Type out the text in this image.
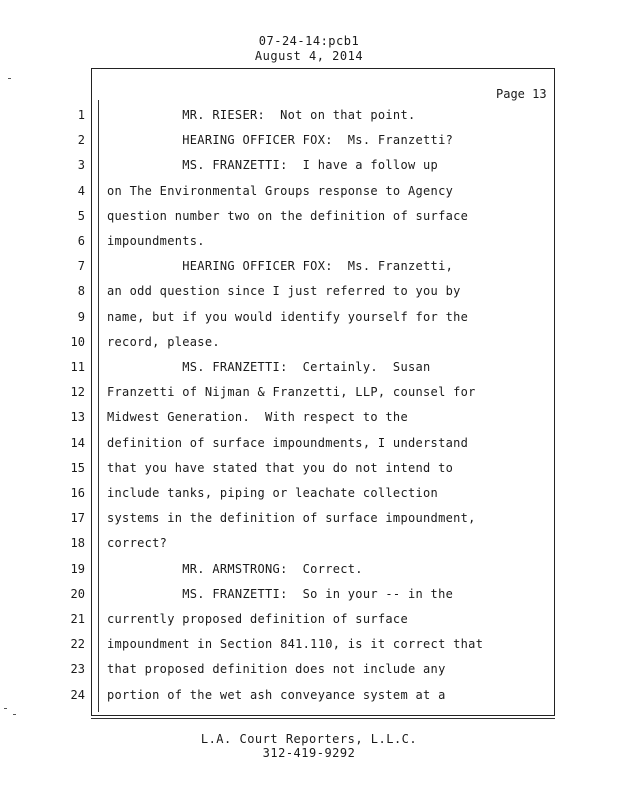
07-24-14:pcb1
August 4, 2014
Page 13
1 MR. RIESER:  Not on that point.
2 HEARING OFFICER FOX:  Ms. Franzetti?
3 MS. FRANZETTI:  I have a follow up
4 on The Environmental Groups response to Agency
5 question number two on the definition of surface
6 impoundments.
7 HEARING OFFICER FOX:  Ms. Franzetti,
8 an odd question since I just referred to you by
9 name, but if you would identify yourself for the
10 record, please.
11 MS. FRANZETTI:  Certainly.  Susan
12 Franzetti of Nijman & Franzetti, LLP, counsel for
13 Midwest Generation.  With respect to the
14 definition of surface impoundments, I understand
15 that you have stated that you do not intend to
16 include tanks, piping or leachate collection
17 systems in the definition of surface impoundment,
18 correct?
19 MR. ARMSTRONG:  Correct.
20 MS. FRANZETTI:  So in your -- in the
21 currently proposed definition of surface
22 impoundment in Section 841.110, is it correct that
23 that proposed definition does not include any
24 portion of the wet ash conveyance system at a
L.A. Court Reporters, L.L.C.
312-419-9292
